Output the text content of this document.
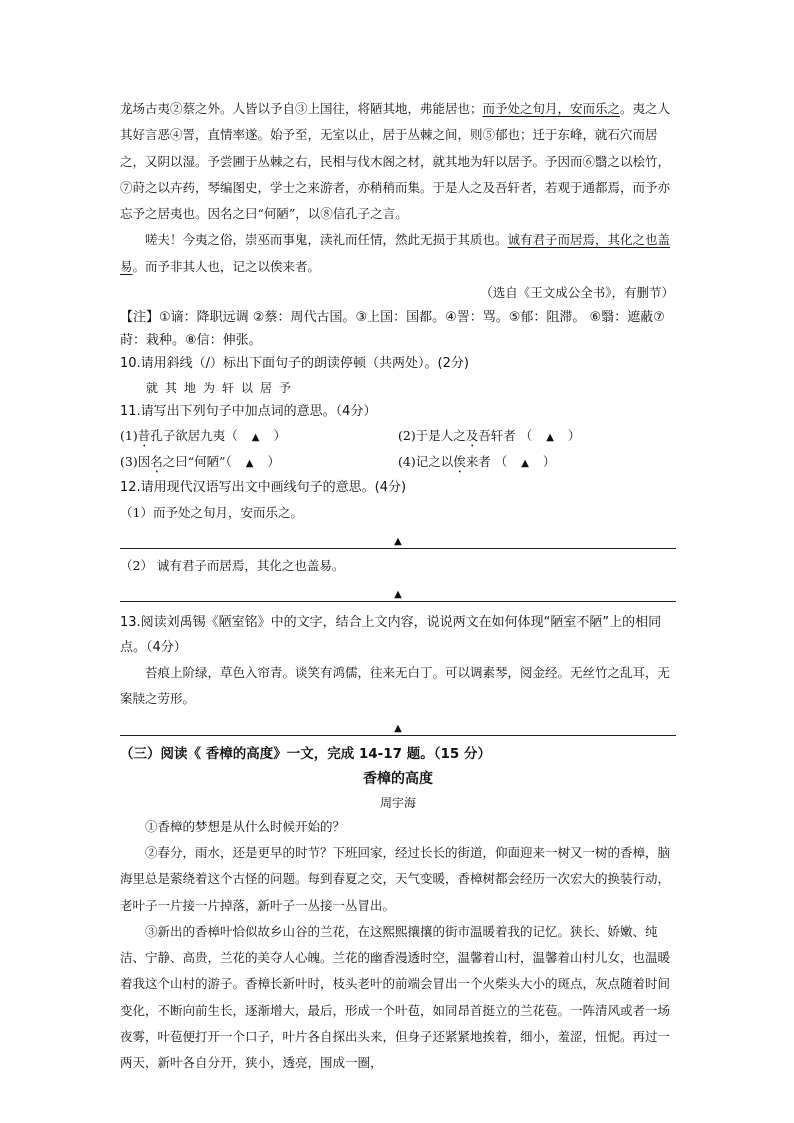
龙场古夷②蔡之外。人皆以予自③上国往，将陋其地，弗能居也；而予处之旬月，安而乐之。夷之人其好言恶④詈，直情率遂。始予至，无室以止，居于丛棘之间，则⑤郁也；迁于东峰，就石穴而居之，又阴以湿。予尝圃于丛棘之右，民相与伐木阁之材，就其地为轩以居予。予因而⑥翳之以桧竹，⑦莳之以卉药，琴编图史，学士之来游者，亦稍稍而集。于是人之及吾轩者，若观于通都焉，而予亦忘予之居夷也。因名之曰“何陋”，以⑧信孔子之言。

嗟夫！今夷之俗，崇巫而事鬼，渎礼而任情，然此无损于其质也。诚有君子而居焉，其化之也盖易。而予非其人也，记之以俟来者。

（选自《王文成公全书》，有删节）
【注】①谪：降职远调 ②蔡：周代古国。③上国：国都。④詈：骂。⑤郁：阻滞。 ⑥翳：遮蔽⑦莳：栽种。⑧信：伸张。

10.请用斜线（/）标出下面句子的朗读停顿（共两处）。(2分)

就其地为轩以居予

11.请写出下列句子中加点词的意思。（4分）

(1)昔孔子欲居九夷（ ▲ ）	(2)于是人之及吾轩者 （ ▲ ）
(3)因名之曰“何陋”（ ▲ ）	(4)记之以俟来者 （ ▲ ）

12.请用现代汉语写出文中画线句子的意思。(4分)

（1）而予处之旬月，安而乐之。

▲

（2） 诚有君子而居焉，其化之也盖易。

▲

13.阅读刘禹锡《陋室铭》中的文字，结合上文内容，说说两文在如何体现“陋室不陋”上的相同点。（4分）

苔痕上阶绿，草色入帘青。谈笑有鸿儒，往来无白丁。可以调素琴，阅金经。无丝竹之乱耳，无案牍之劳形。

▲
（三）阅读《 香樟的高度》一文，完成 14-17 题。（15 分）
香樟的高度
周宇海

①香樟的梦想是从什么时候开始的？

②春分，雨水，还是更早的时节？下班回家，经过长长的街道，仰面迎来一树又一树的香樟，脑海里总是萦绕着这个古怪的问题。每到春夏之交，天气变暖，香樟树都会经历一次宏大的换装行动，老叶子一片接一片掉落，新叶子一丛接一丛冒出。

③新出的香樟叶恰似故乡山谷的兰花，在这熙熙攘攘的街市温暖着我的记忆。狭长、娇嫩、纯洁、宁静、高贵，兰花的美夺人心魄。兰花的幽香漫透时空，温馨着山村，温馨着山村儿女，也温暖着我这个山村的游子。香樟长新叶时，枝头老叶的前端会冒出一个火柴头大小的斑点，灰点随着时间变化，不断向前生长，逐渐增大，最后，形成一个叶苞，如同昂首挺立的兰花苞。一阵清风或者一场夜雾，叶苞便打开一个口子，叶片各自探出头来，但身子还紧紧地挨着，细小，羞涩，忸怩。再过一两天，新叶各自分开，狭小，透亮，围成一圈，
